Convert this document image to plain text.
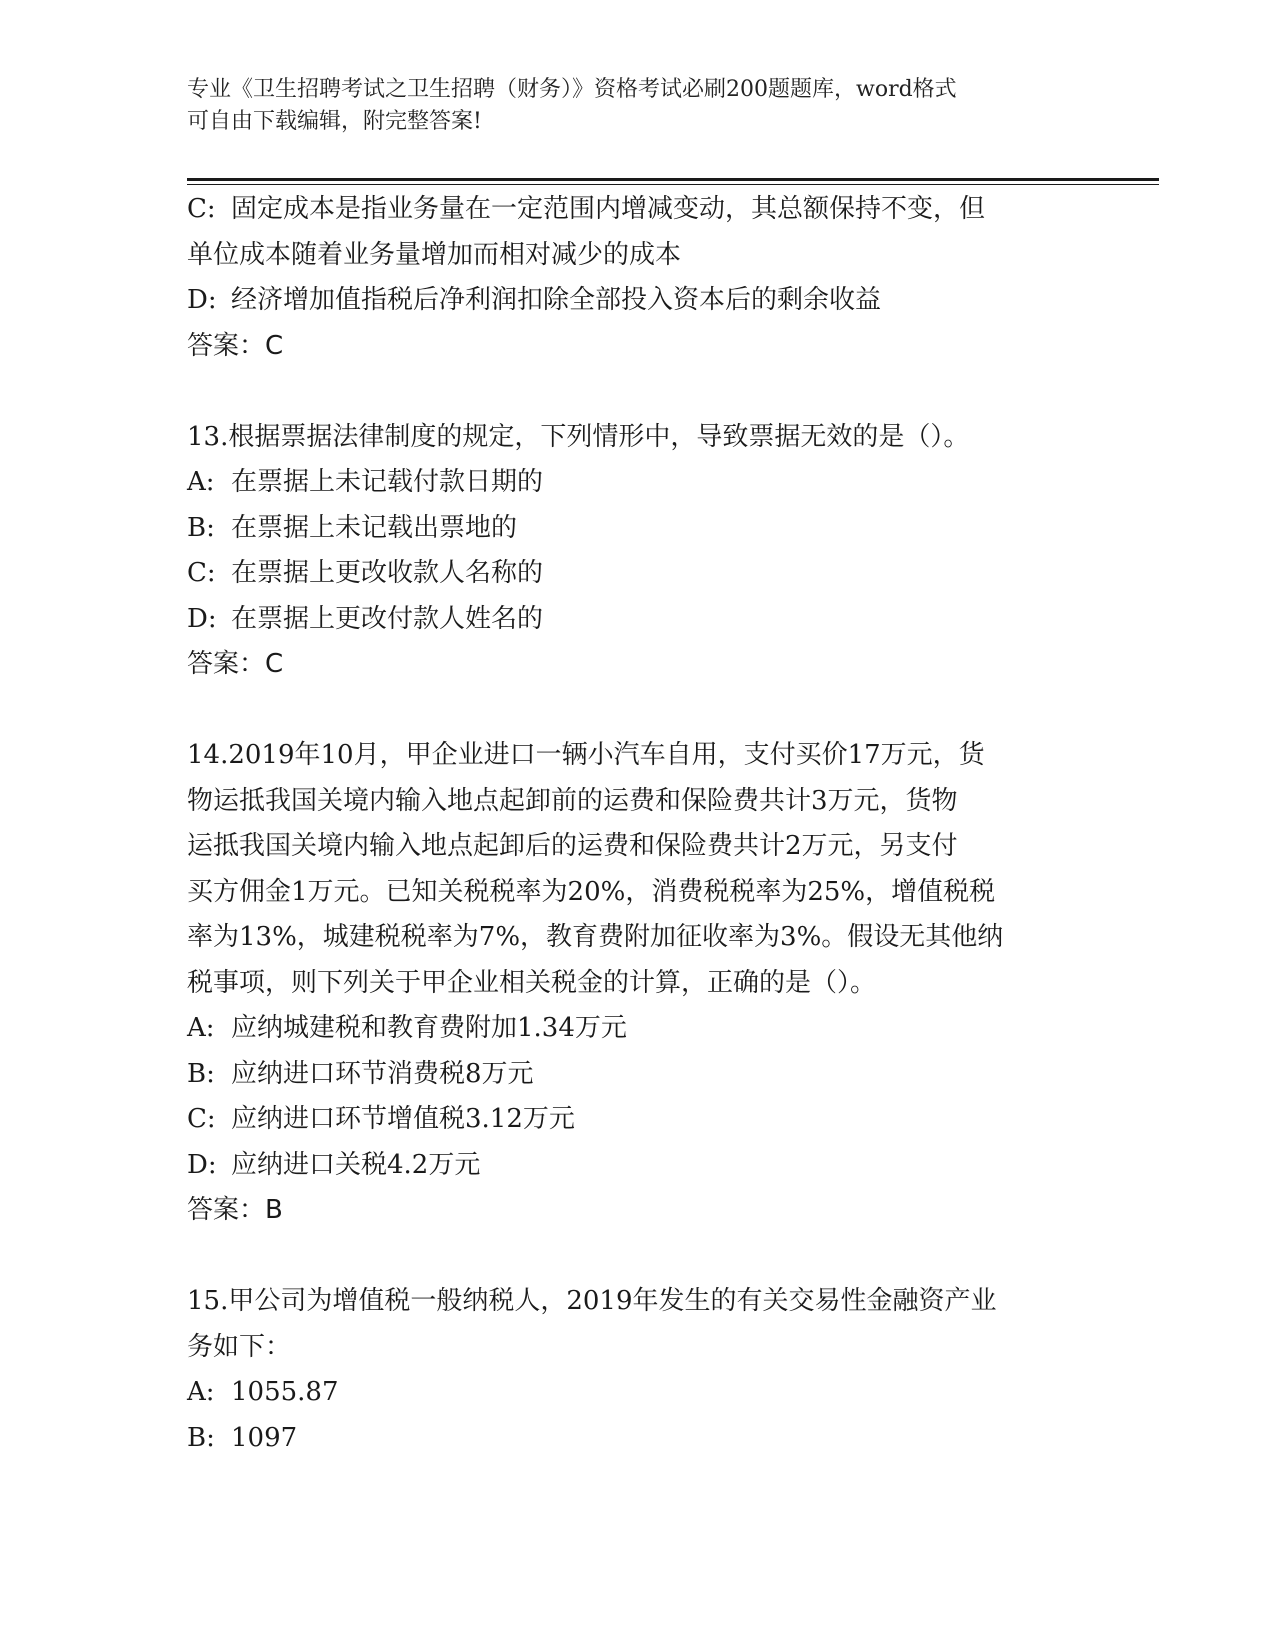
专业《卫生招聘考试之卫生招聘（财务）》资格考试必刷200题题库，word格式
可自由下载编辑，附完整答案!
C: 固定成本是指业务量在一定范围内增减变动，其总额保持不变，但
单位成本随着业务量增加而相对减少的成本
D: 经济增加值指税后净利润扣除全部投入资本后的剩余收益
答案：C
13.根据票据法律制度的规定，下列情形中，导致票据无效的是（）。
A: 在票据上未记载付款日期的
B: 在票据上未记载出票地的
C: 在票据上更改收款人名称的
D: 在票据上更改付款人姓名的
答案：C
14.2019年10月，甲企业进口一辆小汽车自用，支付买价17万元，货
物运抵我国关境内输入地点起卸前的运费和保险费共计3万元，货物
运抵我国关境内输入地点起卸后的运费和保险费共计2万元，另支付
买方佣金1万元。已知关税税率为20%，消费税税率为25%，增值税税
率为13%，城建税税率为7%，教育费附加征收率为3%。假设无其他纳
税事项，则下列关于甲企业相关税金的计算，正确的是（）。
A: 应纳城建税和教育费附加1.34万元
B: 应纳进口环节消费税8万元
C: 应纳进口环节增值税3.12万元
D: 应纳进口关税4.2万元
答案：B
15.甲公司为增值税一般纳税人，2019年发生的有关交易性金融资产业
务如下：
A: 1055.87
B: 1097
